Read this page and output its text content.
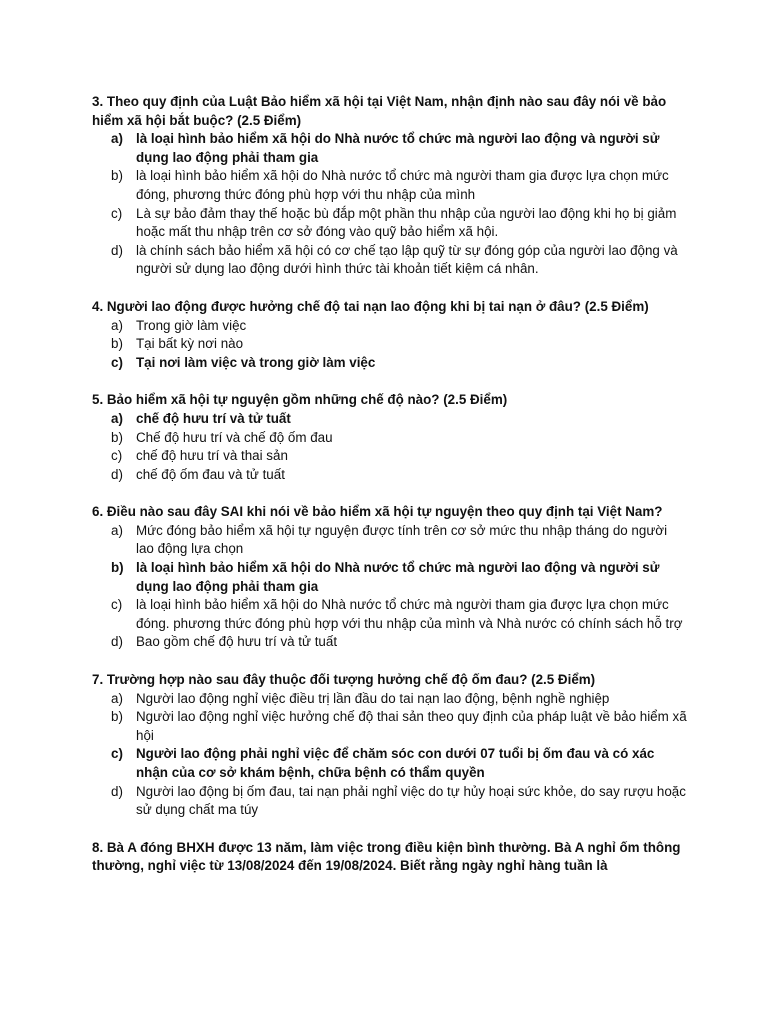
3. Theo quy định của Luật Bảo hiểm xã hội tại Việt Nam, nhận định nào sau đây nói về bảo hiểm xã hội bắt buộc? (2.5 Điểm)
a) là loại hình bảo hiểm xã hội do Nhà nước tổ chức mà người lao động và người sử dụng lao động phải tham gia
b) là loại hình bảo hiểm xã hội do Nhà nước tổ chức mà người tham gia được lựa chọn mức đóng, phương thức đóng phù hợp với thu nhập của mình
c)	Là sự bảo đảm thay thế hoặc bù đắp một phần thu nhập của người lao động khi họ bị giảm hoặc mất thu nhập trên cơ sở đóng vào quỹ bảo hiểm xã hội.
d) là chính sách bảo hiểm xã hội có cơ chế tạo lập quỹ từ sự đóng góp của người lao động và người sử dụng lao động dưới hình thức tài khoản tiết kiệm cá nhân.
4. Người lao động được hưởng chế độ tai nạn lao động khi bị tai nạn ở đâu? (2.5 Điểm)
a) Trong giờ làm việc
b) Tại bất kỳ nơi nào
c) Tại nơi làm việc và trong giờ làm việc
5. Bảo hiểm xã hội tự nguyện gồm những chế độ nào? (2.5 Điểm)
a) chế độ hưu trí và tử tuất
b) Chế độ hưu trí và chế độ ốm đau
c)	chế độ hưu trí và thai sản
d) chế độ ốm đau và tử tuất
6. Điều nào sau đây SAI khi nói về bảo hiểm xã hội tự nguyện theo quy định tại Việt Nam?
a) Mức đóng bảo hiểm xã hội tự nguyện được tính trên cơ sở mức thu nhập tháng do người lao động lựa chọn
b) là loại hình bảo hiểm xã hội do Nhà nước tổ chức mà người lao động và người sử dụng lao động phải tham gia
c)	là loại hình bảo hiểm xã hội do Nhà nước tổ chức mà người tham gia được lựa chọn mức đóng. phương thức đóng phù hợp với thu nhập của mình và Nhà nước có chính sách hỗ trợ
d) Bao gồm chế độ hưu trí và tử tuất
7. Trường hợp nào sau đây thuộc đối tượng hưởng chế độ ốm đau? (2.5 Điểm)
a) Người lao động nghỉ việc điều trị lần đầu do tai nạn lao động, bệnh nghề nghiệp
b) Người lao động nghỉ việc hưởng chế độ thai sản theo quy định của pháp luật về bảo hiểm xã hội
c) Người lao động phải nghỉ việc để chăm sóc con dưới 07 tuổi bị ốm đau và có xác nhận của cơ sở khám bệnh, chữa bệnh có thẩm quyền
d) Người lao động bị ốm đau, tai nạn phải nghỉ việc do tự hủy hoại sức khỏe, do say rượu hoặc sử dụng chất ma túy
8. Bà A đóng BHXH được 13 năm, làm việc trong điều kiện bình thường. Bà A nghỉ ốm thông thường, nghỉ việc từ 13/08/2024 đến 19/08/2024. Biết rằng ngày nghỉ hàng tuần là
